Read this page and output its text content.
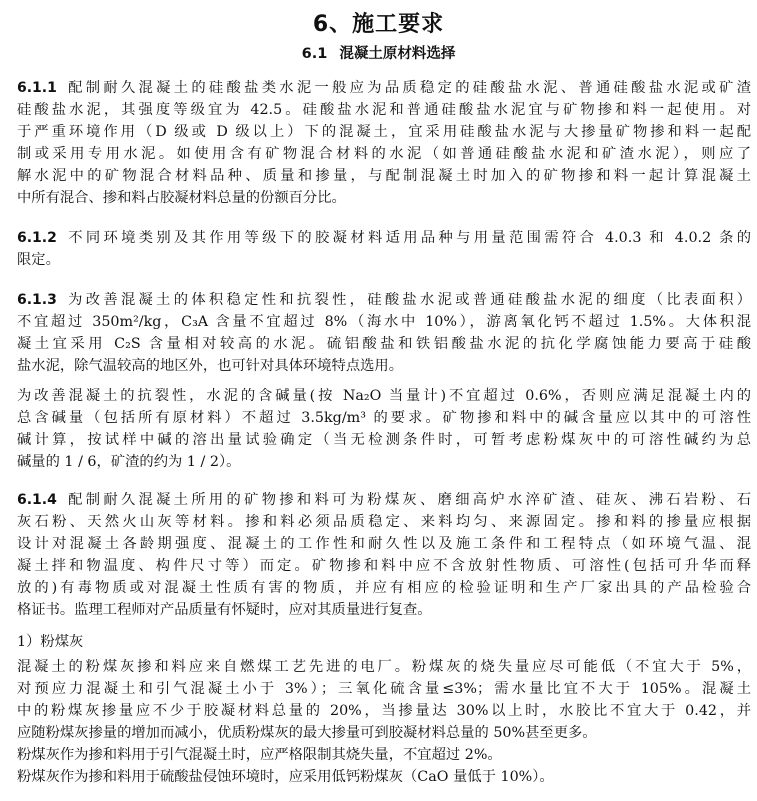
6、施工要求
6.1 混凝土原材料选择
6.1.1 配制耐久混凝土的硅酸盐类水泥一般应为品质稳定的硅酸盐水泥、普通硅酸盐水泥或矿渣
硅酸盐水泥，其强度等级宜为 42.5。硅酸盐水泥和普通硅酸盐水泥宜与矿物掺和料一起使用。对
于严重环境作用（D 级或 D 级以上）下的混凝土，宜采用硅酸盐水泥与大掺量矿物掺和料一起配
制或采用专用水泥。如使用含有矿物混合材料的水泥（如普通硅酸盐水泥和矿渣水泥），则应了
解水泥中的矿物混合材料品种、质量和掺量，与配制混凝土时加入的矿物掺和料一起计算混凝土
中所有混合、掺和料占胶凝材料总量的份额百分比。
6.1.2 不同环境类别及其作用等级下的胶凝材料适用品种与用量范围需符合 4.0.3 和 4.0.2 条的
限定。
6.1.3 为改善混凝土的体积稳定性和抗裂性，硅酸盐水泥或普通硅酸盐水泥的细度（比表面积）
不宜超过 350m²/kg，C₃A 含量不宜超过 8%（海水中 10%），游离氧化钙不超过 1.5%。大体积混
凝土宜采用 C₂S 含量相对较高的水泥。硫铝酸盐和铁铝酸盐水泥的抗化学腐蚀能力要高于硅酸
盐水泥，除气温较高的地区外，也可针对具体环境特点选用。
为改善混凝土的抗裂性，水泥的含碱量(按 Na₂O 当量计)不宜超过 0.6%，否则应满足混凝土内的
总含碱量（包括所有原材料）不超过 3.5kg/m³ 的要求。矿物掺和料中的碱含量应以其中的可溶性
碱计算，按试样中碱的溶出量试验确定（当无检测条件时，可暂考虑粉煤灰中的可溶性碱约为总
碱量的 1 / 6，矿渣的约为 1 / 2）。
6.1.4 配制耐久混凝土所用的矿物掺和料可为粉煤灰、磨细高炉水淬矿渣、硅灰、沸石岩粉、石
灰石粉、天然火山灰等材料。掺和料必须品质稳定、来料均匀、来源固定。掺和料的掺量应根据
设计对混凝土各龄期强度、混凝土的工作性和耐久性以及施工条件和工程特点（如环境气温、混
凝土拌和物温度、构件尺寸等）而定。矿物掺和料中应不含放射性物质、可溶性(包括可升华而释
放的)有毒物质或对混凝土性质有害的物质，并应有相应的检验证明和生产厂家出具的产品检验合
格证书。监理工程师对产品质量有怀疑时，应对其质量进行复查。
1）粉煤灰
混凝土的粉煤灰掺和料应来自燃煤工艺先进的电厂。粉煤灰的烧失量应尽可能低（不宜大于 5%，
对预应力混凝土和引气混凝土小于 3%）；三氧化硫含量≤3%；需水量比宜不大于 105%。混凝土
中的粉煤灰掺量应不少于胶凝材料总量的 20%，当掺量达 30%以上时，水胶比不宜大于 0.42，并
应随粉煤灰掺量的增加而减小，优质粉煤灰的最大掺量可到胶凝材料总量的 50%甚至更多。
粉煤灰作为掺和料用于引气混凝土时，应严格限制其烧失量，不宜超过 2%。
粉煤灰作为掺和料用于硫酸盐侵蚀环境时，应采用低钙粉煤灰（CaO 量低于 10%）。
